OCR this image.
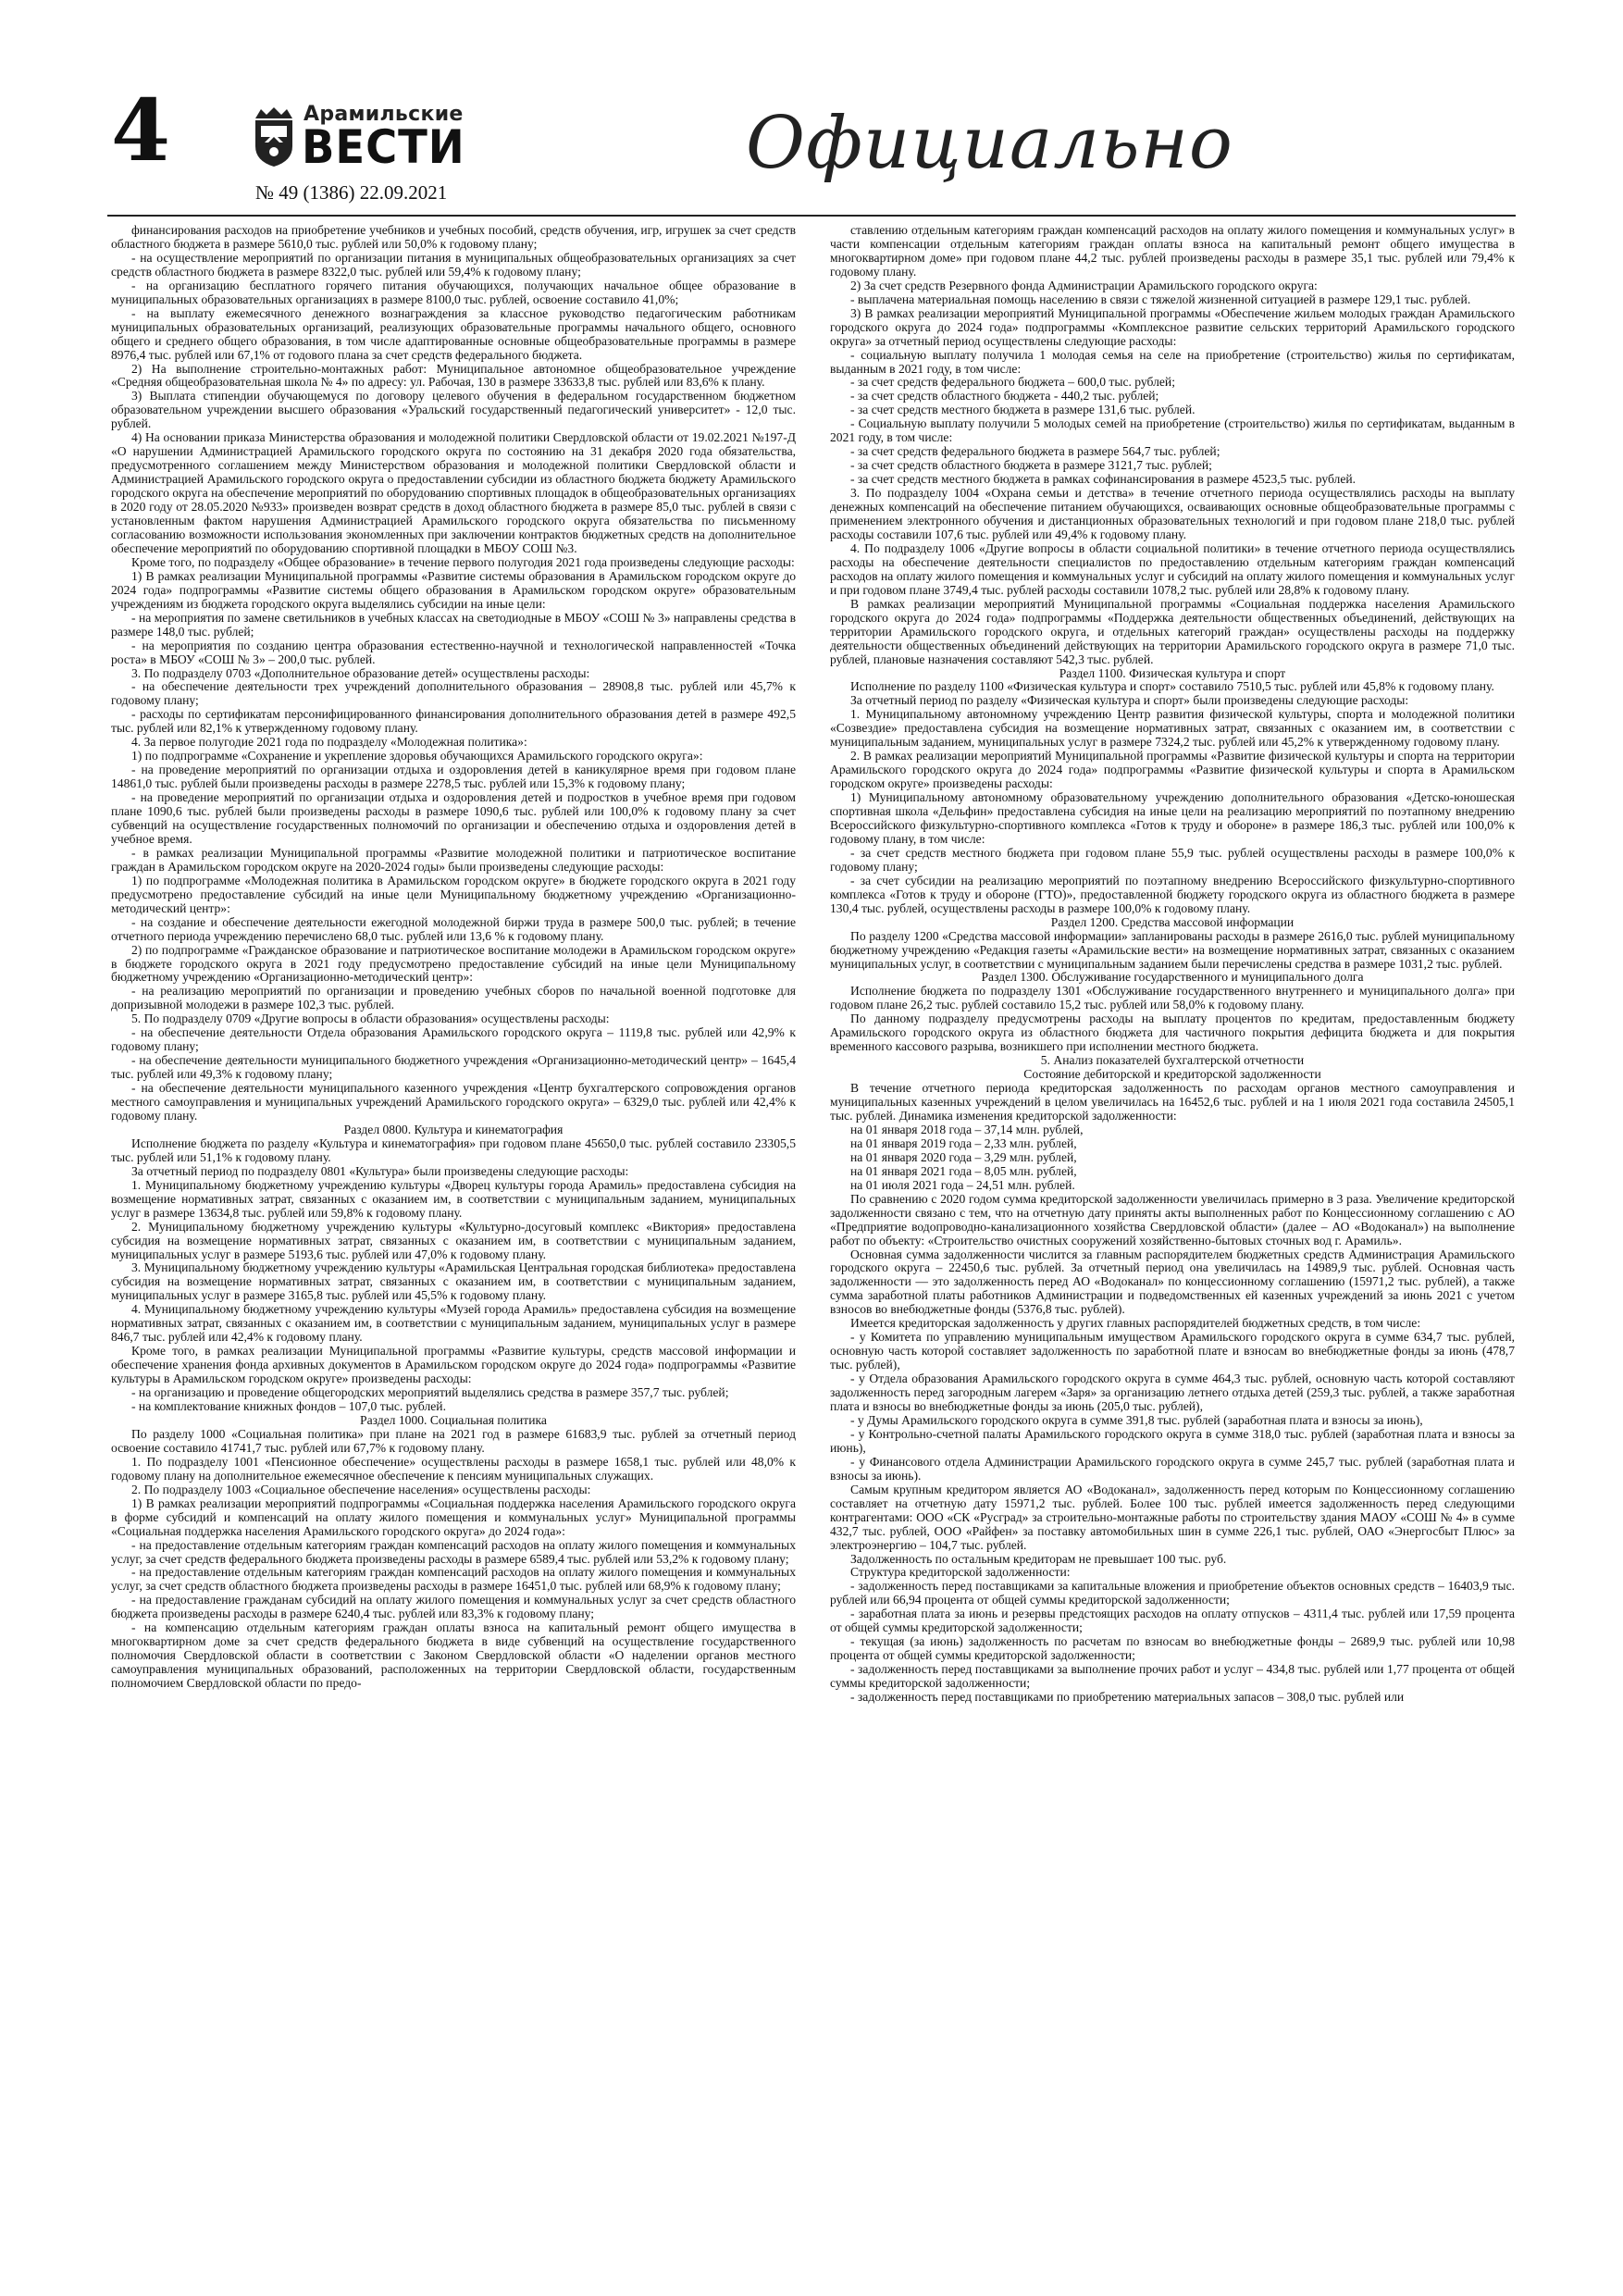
4	Арамильские
ВЕСТИ
№ 49 (1386) 22.09.2021
Официально

финансирования расходов на приобретение учебников и учебных пособий, средств обучения, игр, игрушек за счет средств областного бюджета в размере 5610,0 тыс. рублей или 50,0% к годовому плану;

- на осуществление мероприятий по организации питания в муниципальных общеобразовательных организациях за счет средств областного бюджета в размере 8322,0 тыс. рублей или 59,4% к годовому плану;

- на организацию бесплатного горячего питания обучающихся, получающих начальное общее образование в муниципальных образовательных организациях в размере 8100,0 тыс. рублей, освоение составило 41,0%;

- на выплату ежемесячного денежного вознаграждения за классное руководство педагогическим работникам муниципальных образовательных организаций, реализующих образовательные программы начального общего, основного общего и среднего общего образования, в том числе адаптированные основные общеобразовательные программы в размере 8976,4 тыс. рублей или 67,1% от годового плана за счет средств федерального бюджета.

2) На выполнение строительно-монтажных работ: Муниципальное автономное общеобразовательное учреждение «Средняя общеобразовательная школа № 4» по адресу: ул. Рабочая, 130 в размере 33633,8 тыс. рублей или 83,6% к плану.

3) Выплата стипендии обучающемуся по договору целевого обучения в федеральном государственном бюджетном образовательном учреждении высшего образования «Уральский государственный педагогический университет» - 12,0 тыс. рублей.

4) На основании приказа Министерства образования и молодежной политики Свердловской области от 19.02.2021 №197-Д «О нарушении Администрацией Арамильского городского округа по состоянию на 31 декабря 2020 года обязательства, предусмотренного соглашением между Министерством образования и молодежной политики Свердловской области и Администрацией Арамильского городского округа о предоставлении субсидии из областного бюджета бюджету Арамильского городского округа на обеспечение мероприятий по оборудованию спортивных площадок в общеобразовательных организациях в 2020 году от 28.05.2020 №933» произведен возврат средств в доход областного бюджета в размере 85,0 тыс. рублей в связи с установленным фактом нарушения Администрацией Арамильского городского округа обязательства по письменному согласованию возможности использования экономленных при заключении контрактов бюджетных средств на дополнительное обеспечение мероприятий по оборудованию спортивной площадки в МБОУ СОШ №3.

Кроме того, по подразделу «Общее образование» в течение первого полугодия 2021 года произведены следующие расходы:

1) В рамках реализации Муниципальной программы «Развитие системы образования в Арамильском городском округе до 2024 года» подпрограммы «Развитие системы общего образования в Арамильском городском округе» образовательным учреждениям из бюджета городского округа выделялись субсидии на иные цели:

- на мероприятия по замене светильников в учебных классах на светодиодные в МБОУ «СОШ № 3» направлены средства в размере 148,0 тыс. рублей;

- на мероприятия по созданию центра образования естественно-научной и технологической направленностей «Точка роста» в МБОУ «СОШ № 3» – 200,0 тыс. рублей.

3. По подразделу 0703 «Дополнительное образование детей» осуществлены расходы:

- на обеспечение деятельности трех учреждений дополнительного образования – 28908,8 тыс. рублей или 45,7% к годовому плану;

- расходы по сертификатам персонифицированного финансирования дополнительного образования детей в размере 492,5 тыс. рублей или 82,1% к утвержденному годовому плану.

4. За первое полугодие 2021 года по подразделу «Молодежная политика»:

1) по подпрограмме «Сохранение и укрепление здоровья обучающихся Арамильского городского округа»:

- на проведение мероприятий по организации отдыха и оздоровления детей в каникулярное время при годовом плане 14861,0 тыс. рублей были произведены расходы в размере 2278,5 тыс. рублей или 15,3% к годовому плану;

- на проведение мероприятий по организации отдыха и оздоровления детей и подростков в учебное время при годовом плане 1090,6 тыс. рублей были произведены расходы в размере 1090,6 тыс. рублей или 100,0% к годовому плану за счет субвенций на осуществление государственных полномочий по организации и обеспечению отдыха и оздоровления детей в учебное время.

- в рамках реализации Муниципальной программы «Развитие молодежной политики и патриотическое воспитание граждан в Арамильском городском округе на 2020-2024 годы» были произведены следующие расходы:

1) по подпрограмме «Молодежная политика в Арамильском городском округе» в бюджете городского округа в 2021 году предусмотрено предоставление субсидий на иные цели Муниципальному бюджетному учреждению «Организационно-методический центр»:

- на создание и обеспечение деятельности ежегодной молодежной биржи труда в размере 500,0 тыс. рублей; в течение отчетного периода учреждению перечислено 68,0 тыс. рублей или 13,6 % к годовому плану.

2) по подпрограмме «Гражданское образование и патриотическое воспитание молодежи в Арамильском городском округе» в бюджете городского округа в 2021 году предусмотрено предоставление субсидий на иные цели Муниципальному бюджетному учреждению «Организационно-методический центр»:

- на реализацию мероприятий по организации и проведению учебных сборов по начальной военной подготовке для допризывной молодежи в размере 102,3 тыс. рублей.

5. По подразделу 0709 «Другие вопросы в области образования» осуществлены расходы:

- на обеспечение деятельности Отдела образования Арамильского городского округа – 1119,8 тыс. рублей или 42,9% к годовому плану;

- на обеспечение деятельности муниципального бюджетного учреждения «Организационно-методический центр» – 1645,4 тыс. рублей или 49,3% к годовому плану;

- на обеспечение деятельности муниципального казенного учреждения «Центр бухгалтерского сопровождения органов местного самоуправления и муниципальных учреждений Арамильского городского округа» – 6329,0 тыс. рублей или 42,4% к годовому плану.

Раздел 0800. Культура и кинематография

Исполнение бюджета по разделу «Культура и кинематография» при годовом плане 45650,0 тыс. рублей составило 23305,5 тыс. рублей или 51,1% к годовому плану.

За отчетный период по подразделу 0801 «Культура» были произведены следующие расходы:

1. Муниципальному бюджетному учреждению культуры «Дворец культуры города Арамиль» предоставлена субсидия на возмещение нормативных затрат, связанных с оказанием им, в соответствии с муниципальным заданием, муниципальных услуг в размере 13634,8 тыс. рублей или 59,8% к годовому плану.

2. Муниципальному бюджетному учреждению культуры «Культурно-досуговый комплекс «Виктория» предоставлена субсидия на возмещение нормативных затрат, связанных с оказанием им, в соответствии с муниципальным заданием, муниципальных услуг в размере 5193,6 тыс. рублей или 47,0% к годовому плану.

3. Муниципальному бюджетному учреждению культуры «Арамильская Центральная городская библиотека» предоставлена субсидия на возмещение нормативных затрат, связанных с оказанием им, в соответствии с муниципальным заданием, муниципальных услуг в размере 3165,8 тыс. рублей или 45,5% к годовому плану.

4. Муниципальному бюджетному учреждению культуры «Музей города Арамиль» предоставлена субсидия на возмещение нормативных затрат, связанных с оказанием им, в соответствии с муниципальным заданием, муниципальных услуг в размере 846,7 тыс. рублей или 42,4% к годовому плану.

Кроме того, в рамках реализации Муниципальной программы «Развитие культуры, средств массовой информации и обеспечение хранения фонда архивных документов в Арамильском городском округе до 2024 года» подпрограммы «Развитие культуры в Арамильском городском округе» произведены расходы:

- на организацию и проведение общегородских мероприятий выделялись средства в размере 357,7 тыс. рублей;

- на комплектование книжных фондов – 107,0 тыс. рублей.

Раздел 1000. Социальная политика

По разделу 1000 «Социальная политика» при плане на 2021 год в размере 61683,9 тыс. рублей за отчетный период освоение составило 41741,7 тыс. рублей или 67,7% к годовому плану.

1. По подразделу 1001 «Пенсионное обеспечение» осуществлены расходы в размере 1658,1 тыс. рублей или 48,0% к годовому плану на дополнительное ежемесячное обеспечение к пенсиям муниципальных служащих.

2. По подразделу 1003 «Социальное обеспечение населения» осуществлены расходы:

1) В рамках реализации мероприятий подпрограммы «Социальная поддержка населения Арамильского городского округа в форме субсидий и компенсаций на оплату жилого помещения и коммунальных услуг» Муниципальной программы «Социальная поддержка населения Арамильского городского округа» до 2024 года»:

- на предоставление отдельным категориям граждан компенсаций расходов на оплату жилого помещения и коммунальных услуг, за счет средств федерального бюджета произведены расходы в размере 6589,4 тыс. рублей или 53,2% к годовому плану;

- на предоставление отдельным категориям граждан компенсаций расходов на оплату жилого помещения и коммунальных услуг, за счет средств областного бюджета произведены расходы в размере 16451,0 тыс. рублей или 68,9% к годовому плану;

- на предоставление гражданам субсидий на оплату жилого помещения и коммунальных услуг за счет средств областного бюджета произведены расходы в размере 6240,4 тыс. рублей или 83,3% к годовому плану;

- на компенсацию отдельным категориям граждан оплаты взноса на капитальный ремонт общего имущества в многоквартирном доме за счет средств федерального бюджета в виде субвенций на осуществление государственного полномочия Свердловской области в соответствии с Законом Свердловской области «О наделении органов местного самоуправления муниципальных образований, расположенных на территории Свердловской области, государственным полномочием Свердловской области по предо-

ставлению отдельным категориям граждан компенсаций расходов на оплату жилого помещения и коммунальных услуг» в части компенсации отдельным категориям граждан оплаты взноса на капитальный ремонт общего имущества в многоквартирном доме» при годовом плане 44,2 тыс. рублей произведены расходы в размере 35,1 тыс. рублей или 79,4% к годовому плану.

2) За счет средств Резервного фонда Администрации Арамильского городского округа:

- выплачена материальная помощь населению в связи с тяжелой жизненной ситуацией в размере 129,1 тыс. рублей.

3) В рамках реализации мероприятий Муниципальной программы «Обеспечение жильем молодых граждан Арамильского городского округа до 2024 года» подпрограммы «Комплексное развитие сельских территорий Арамильского городского округа» за отчетный период осуществлены следующие расходы:

- социальную выплату получила 1 молодая семья на селе на приобретение (строительство) жилья по сертификатам, выданным в 2021 году, в том числе:

- за счет средств федерального бюджета – 600,0 тыс. рублей;

- за счет средств областного бюджета - 440,2 тыс. рублей;

- за счет средств местного бюджета в размере 131,6 тыс. рублей.

- Социальную выплату получили 5 молодых семей на приобретение (строительство) жилья по сертификатам, выданным в 2021 году, в том числе:

- за счет средств федерального бюджета в размере 564,7 тыс. рублей;

- за счет средств областного бюджета в размере 3121,7 тыс. рублей;

- за счет средств местного бюджета в рамках софинансирования в размере 4523,5 тыс. рублей.

3. По подразделу 1004 «Охрана семьи и детства» в течение отчетного периода осуществлялись расходы на выплату денежных компенсаций на обеспечение питанием обучающихся, осваивающих основные общеобразовательные программы с применением электронного обучения и дистанционных образовательных технологий и при годовом плане 218,0 тыс. рублей расходы составили 107,6 тыс. рублей или 49,4% к годовому плану.

4. По подразделу 1006 «Другие вопросы в области социальной политики» в течение отчетного периода осуществлялись расходы на обеспечение деятельности специалистов по предоставлению отдельным категориям граждан компенсаций расходов на оплату жилого помещения и коммунальных услуг и субсидий на оплату жилого помещения и коммунальных услуг и при годовом плане 3749,4 тыс. рублей расходы составили 1078,2 тыс. рублей или 28,8% к годовому плану.

В рамках реализации мероприятий Муниципальной программы «Социальная поддержка населения Арамильского городского округа до 2024 года» подпрограммы «Поддержка деятельности общественных объединений, действующих на территории Арамильского городского округа, и отдельных категорий граждан» осуществлены расходы на поддержку деятельности общественных объединений действующих на территории Арамильского городского округа в размере 71,0 тыс. рублей, плановые назначения составляют 542,3 тыс. рублей.

Раздел 1100. Физическая культура и спорт

Исполнение по разделу 1100 «Физическая культура и спорт» составило 7510,5 тыс. рублей или 45,8% к годовому плану.

За отчетный период по разделу «Физическая культура и спорт» были произведены следующие расходы:

1. Муниципальному автономному учреждению Центр развития физической культуры, спорта и молодежной политики «Созвездие» предоставлена субсидия на возмещение нормативных затрат, связанных с оказанием им, в соответствии с муниципальным заданием, муниципальных услуг в размере 7324,2 тыс. рублей или 45,2% к утвержденному годовому плану.

2. В рамках реализации мероприятий Муниципальной программы «Развитие физической культуры и спорта на территории Арамильского городского округа до 2024 года» подпрограммы «Развитие физической культуры и спорта в Арамильском городском округе» произведены расходы:

1) Муниципальному автономному образовательному учреждению дополнительного образования «Детско-юношеская спортивная школа «Дельфин» предоставлена субсидия на иные цели на реализацию мероприятий по поэтапному внедрению Всероссийского физкультурно-спортивного комплекса «Готов к труду и обороне» в размере 186,3 тыс. рублей или 100,0% к годовому плану, в том числе:

- за счет средств местного бюджета при годовом плане 55,9 тыс. рублей осуществлены расходы в размере 100,0% к годовому плану;

- за счет субсидии на реализацию мероприятий по поэтапному внедрению Всероссийского физкультурно-спортивного комплекса «Готов к труду и обороне (ГТО)», предоставленной бюджету городского округа из областного бюджета в размере 130,4 тыс. рублей, осуществлены расходы в размере 100,0% к годовому плану.

Раздел 1200. Средства массовой информации

По разделу 1200 «Средства массовой информации» запланированы расходы в размере 2616,0 тыс. рублей муниципальному бюджетному учреждению «Редакция газеты «Арамильские вести» на возмещение нормативных затрат, связанных с оказанием муниципальных услуг, в соответствии с муниципальным заданием были перечислены средства в размере 1031,2 тыс. рублей.

Раздел 1300. Обслуживание государственного и муниципального долга

Исполнение бюджета по подразделу 1301 «Обслуживание государственного внутреннего и муниципального долга» при годовом плане 26,2 тыс. рублей составило 15,2 тыс. рублей или 58,0% к годовому плану.

По данному подразделу предусмотрены расходы на выплату процентов по кредитам, предоставленным бюджету Арамильского городского округа из областного бюджета для частичного покрытия дефицита бюджета и для покрытия временного кассового разрыва, возникшего при исполнении местного бюджета.

5. Анализ показателей бухгалтерской отчетности

Состояние дебиторской и кредиторской задолженности

В течение отчетного периода кредиторская задолженность по расходам органов местного самоуправления и муниципальных казенных учреждений в целом увеличилась на 16452,6 тыс. рублей и на 1 июля 2021 года составила 24505,1 тыс. рублей. Динамика изменения кредиторской задолженности:

на 01 января 2018 года – 37,14 млн. рублей,

на 01 января 2019 года – 2,33 млн. рублей,

на 01 января 2020 года – 3,29 млн. рублей,

на 01 января 2021 года – 8,05 млн. рублей,

на 01 июля 2021 года – 24,51 млн. рублей.

По сравнению с 2020 годом сумма кредиторской задолженности увеличилась примерно в 3 раза. Увеличение кредиторской задолженности связано с тем, что на отчетную дату приняты акты выполненных работ по Концессионному соглашению с АО «Предприятие водопроводно-канализационного хозяйства Свердловской области» (далее – АО «Водоканал») на выполнение работ по объекту: «Строительство очистных сооружений хозяйственно-бытовых сточных вод г. Арамиль».

Основная сумма задолженности числится за главным распорядителем бюджетных средств Администрация Арамильского городского округа – 22450,6 тыс. рублей. За отчетный период она увеличилась на 14989,9 тыс. рублей. Основная часть задолженности — это задолженность перед АО «Водоканал» по концессионному соглашению (15971,2 тыс. рублей), а также сумма заработной платы работников Администрации и подведомственных ей казенных учреждений за июнь 2021 с учетом взносов во внебюджетные фонды (5376,8 тыс. рублей).

Имеется кредиторская задолженность у других главных распорядителей бюджетных средств, в том числе:

- у Комитета по управлению муниципальным имуществом Арамильского городского округа в сумме 634,7 тыс. рублей, основную часть которой составляет задолженность по заработной плате и взносам во внебюджетные фонды за июнь (478,7 тыс. рублей),

- у Отдела образования Арамильского городского округа в сумме 464,3 тыс. рублей, основную часть которой составляют задолженность перед загородным лагерем «Заря» за организацию летнего отдыха детей (259,3 тыс. рублей, а также заработная плата и взносы во внебюджетные фонды за июнь (205,0 тыс. рублей),

- у Думы Арамильского городского округа в сумме 391,8 тыс. рублей (заработная плата и взносы за июнь),

- у Контрольно-счетной палаты Арамильского городского округа в сумме 318,0 тыс. рублей (заработная плата и взносы за июнь),

- у Финансового отдела Администрации Арамильского городского округа в сумме 245,7 тыс. рублей (заработная плата и взносы за июнь).

Самым крупным кредитором является АО «Водоканал», задолженность перед которым по Концессионному соглашению составляет на отчетную дату 15971,2 тыс. рублей. Более 100 тыс. рублей имеется задолженность перед следующими контрагентами: ООО «СК «Русград» за строительно-монтажные работы по строительству здания МАОУ «СОШ № 4» в сумме 432,7 тыс. рублей, ООО «Райфен» за поставку автомобильных шин в сумме 226,1 тыс. рублей, ОАО «Энергосбыт Плюс» за электроэнергию – 104,7 тыс. рублей.

Задолженность по остальным кредиторам не превышает 100 тыс. руб.

Структура кредиторской задолженности:

- задолженность перед поставщиками за капитальные вложения и приобретение объектов основных средств – 16403,9 тыс. рублей или 66,94 процента от общей суммы кредиторской задолженности;

- заработная плата за июнь и резервы предстоящих расходов на оплату отпусков – 4311,4 тыс. рублей или 17,59 процента от общей суммы кредиторской задолженности;

- текущая (за июнь) задолженность по расчетам по взносам во внебюджетные фонды – 2689,9 тыс. рублей или 10,98 процента от общей суммы кредиторской задолженности;

- задолженность перед поставщиками за выполнение прочих работ и услуг – 434,8 тыс. рублей или 1,77 процента от общей суммы кредиторской задолженности;

- задолженность перед поставщиками по приобретению материальных запасов – 308,0 тыс. рублей или
